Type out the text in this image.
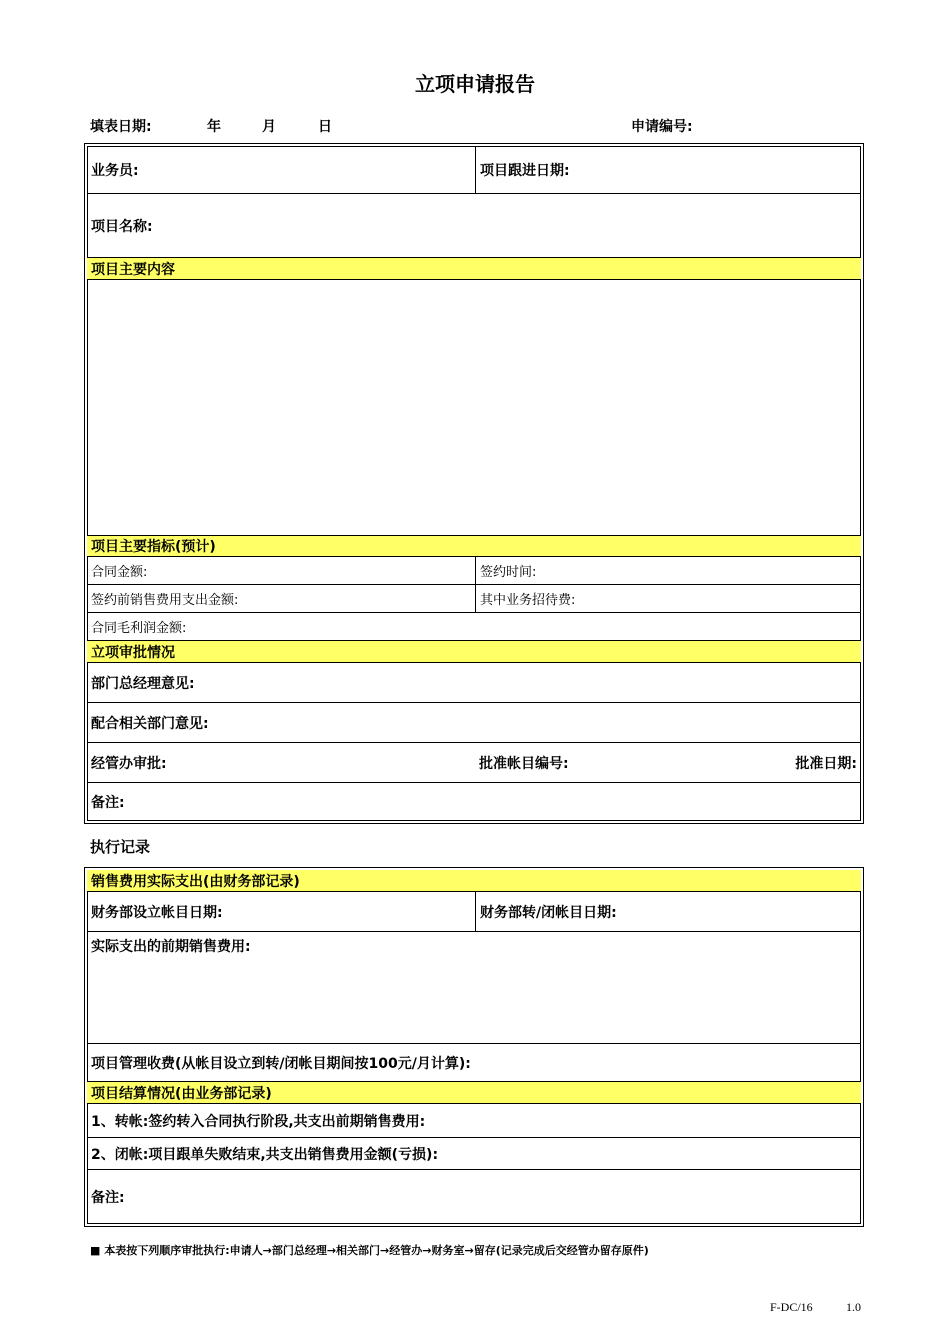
立项申请报告
填表日期:	年	月	日	申请编号:
业务员:	项目跟进日期:
项目名称:
项目主要内容
项目主要指标(预计)
合同金额:	签约时间:
签约前销售费用支出金额:	其中业务招待费:
合同毛利润金额:
立项审批情况
部门总经理意见:
配合相关部门意见:
经管办审批:	批准帐目编号:	批准日期:
备注:
执行记录
销售费用实际支出(由财务部记录)
财务部设立帐目日期:	财务部转/闭帐目日期:
实际支出的前期销售费用:
项目管理收费(从帐目设立到转/闭帐目期间按100元/月计算):
项目结算情况(由业务部记录)
1、转帐:签约转入合同执行阶段,共支出前期销售费用:
2、闭帐:项目跟单失败结束,共支出销售费用金额(亏损):
备注:
■ 本表按下列顺序审批执行:申请人→部门总经理→相关部门→经管办→财务室→留存(记录完成后交经管办留存原件)
F-DC/16	1.0
